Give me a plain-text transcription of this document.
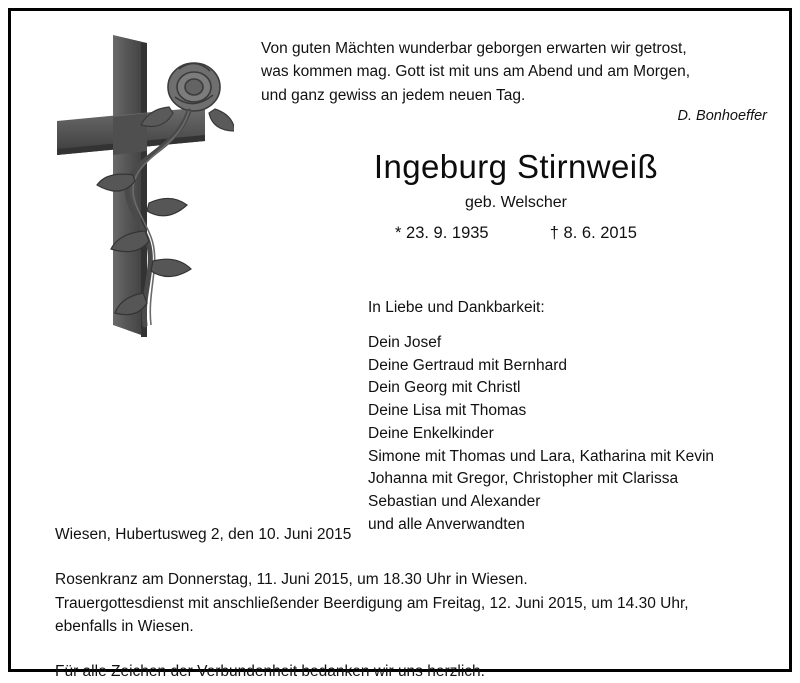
Von guten Mächten wunderbar geborgen erwarten wir getrost,
was kommen mag. Gott ist mit uns am Abend und am Morgen,
und ganz gewiss an jedem neuen Tag.
D. Bonhoeffer
Ingeburg Stirnweiß
geb. Welscher
* 23. 9. 1935	† 8. 6. 2015
In Liebe und Dankbarkeit:
Dein Josef
Deine Gertraud mit Bernhard
Dein Georg mit Christl
Deine Lisa mit Thomas
Deine Enkelkinder
Simone mit Thomas und Lara, Katharina mit Kevin
Johanna mit Gregor, Christopher mit Clarissa
Sebastian und Alexander
und alle Anverwandten
Wiesen, Hubertusweg 2, den 10. Juni 2015
Rosenkranz am Donnerstag, 11. Juni 2015, um 18.30 Uhr in Wiesen.
Trauergottesdienst mit anschließender Beerdigung am Freitag, 12. Juni 2015, um 14.30 Uhr,
ebenfalls in Wiesen.
Für alle Zeichen der Verbundenheit bedanken wir uns herzlich.
